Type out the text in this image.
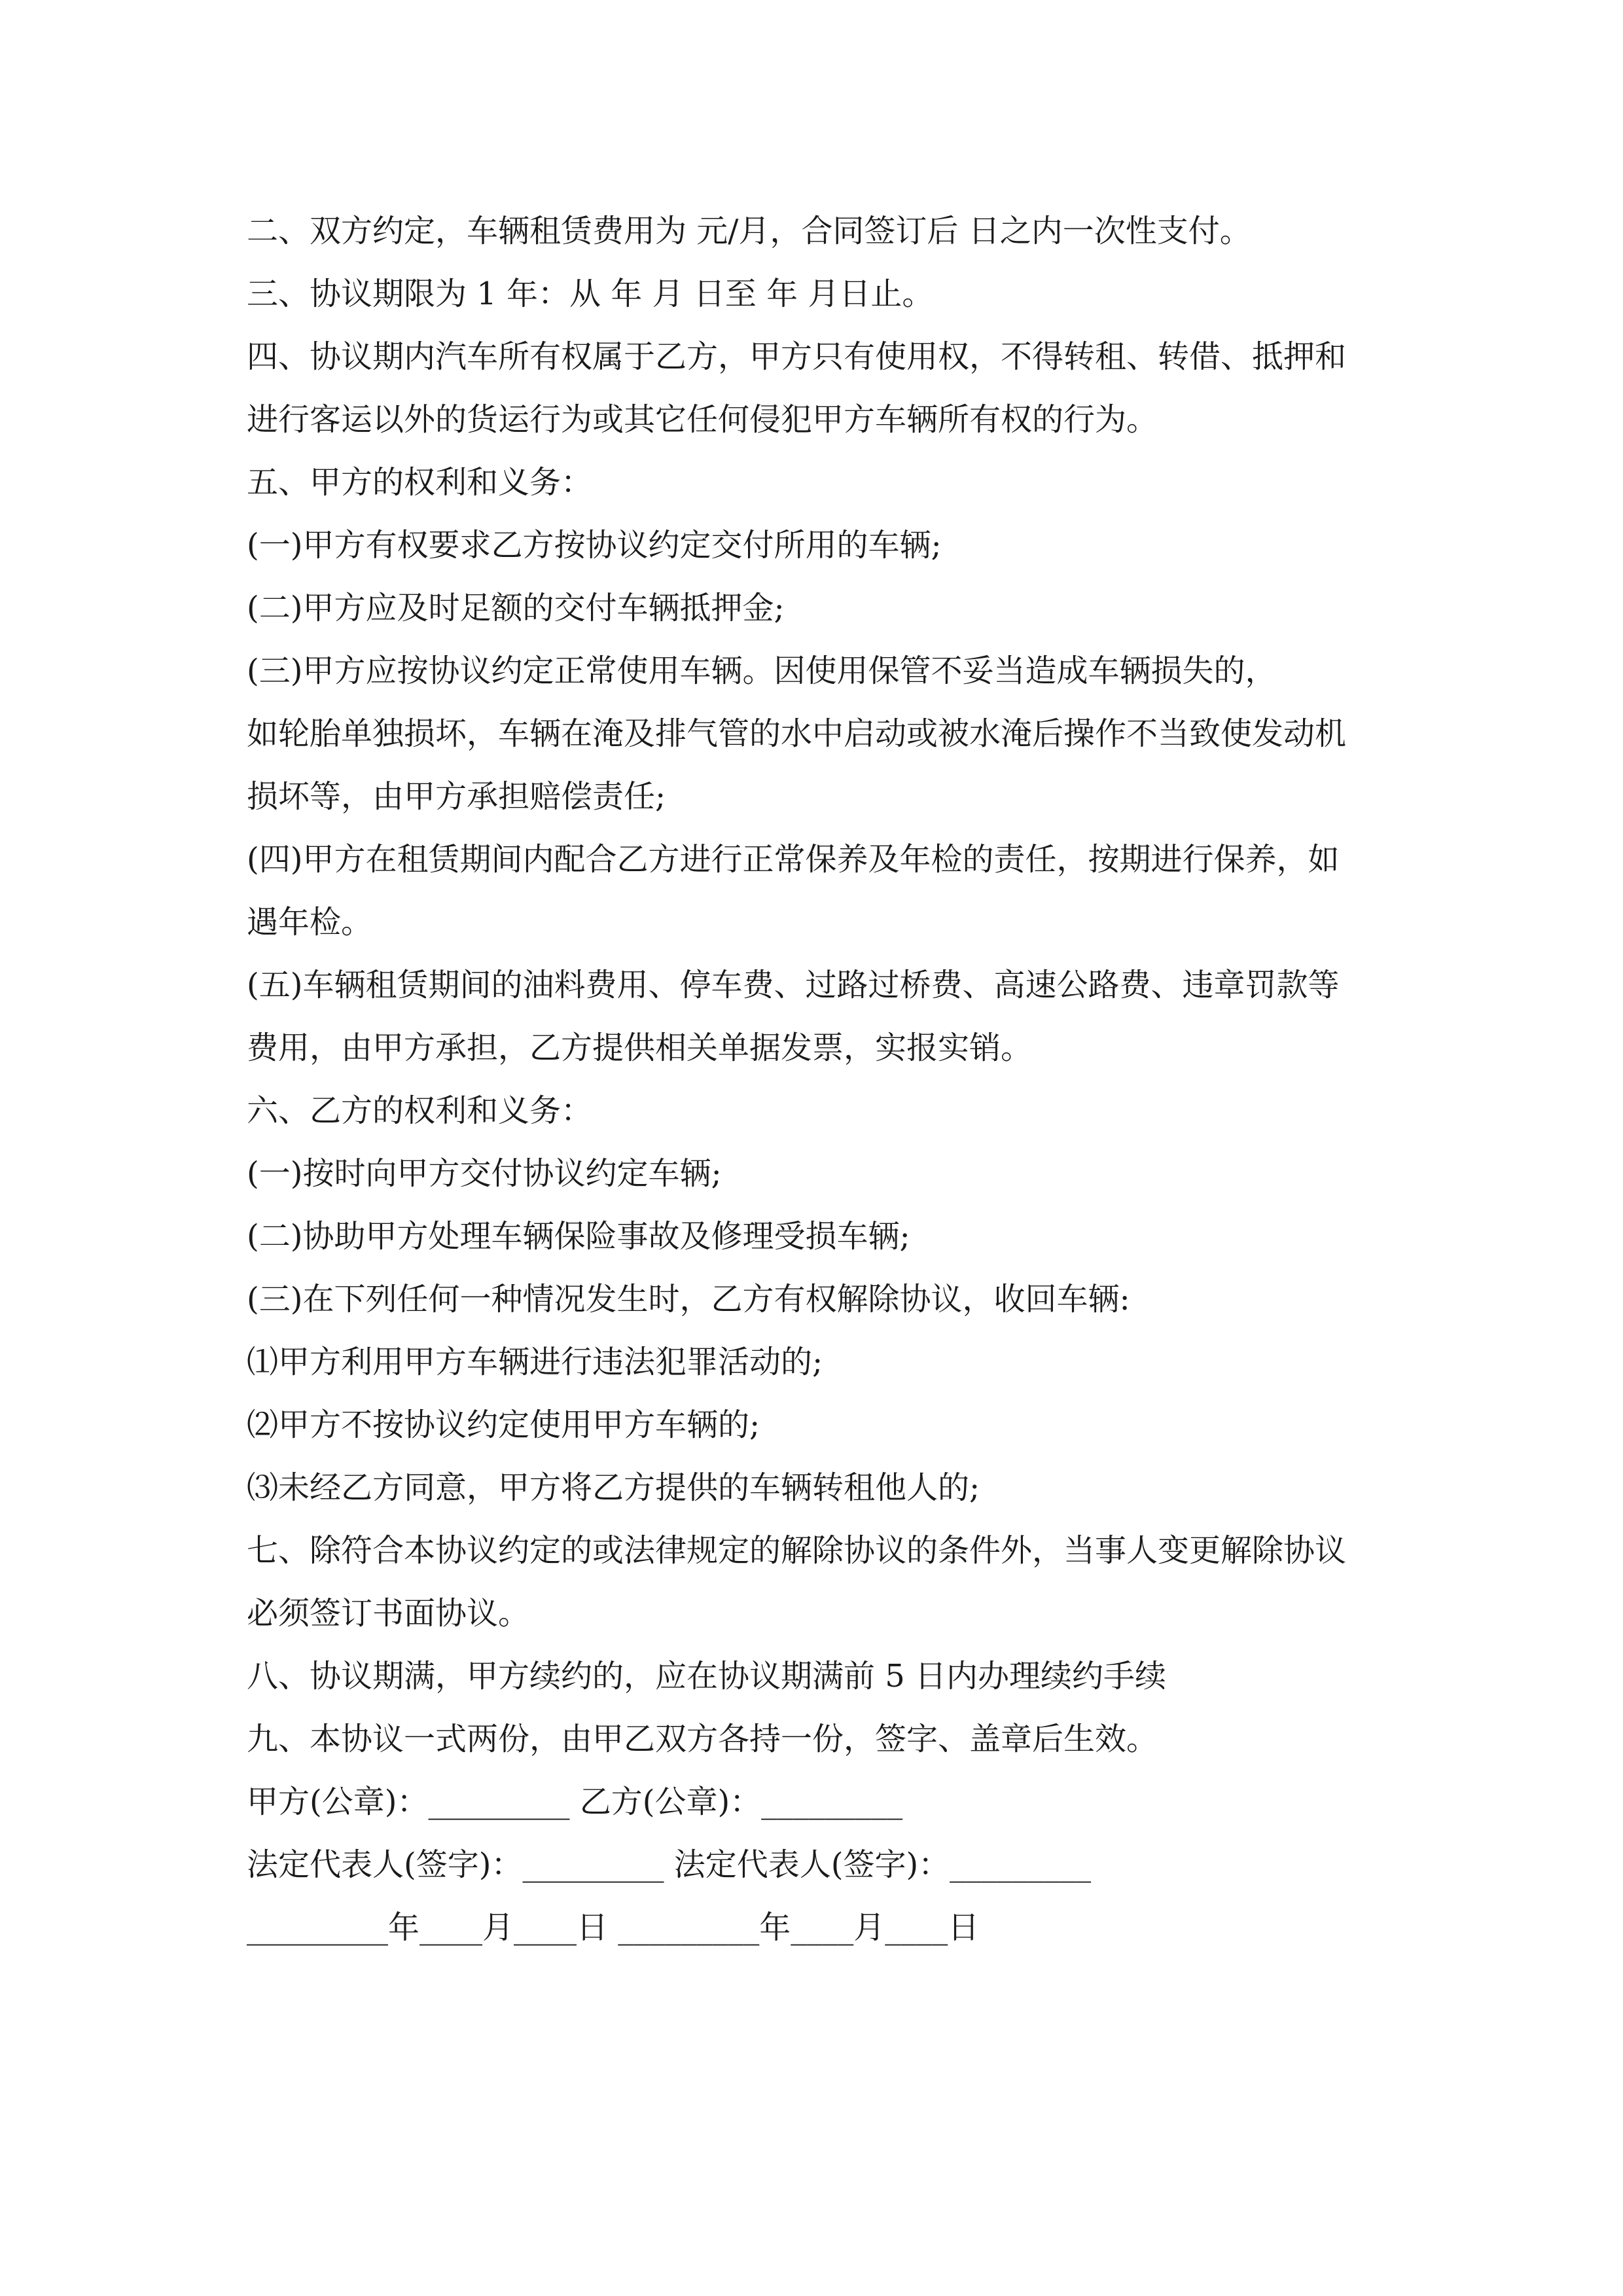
二、双方约定，车辆租赁费用为 元/月，合同签订后 日之内一次性支付。

三、协议期限为 1 年：从 年 月 日至 年 月日止。

四、协议期内汽车所有权属于乙方，甲方只有使用权，不得转租、转借、抵押和

进行客运以外的货运行为或其它任何侵犯甲方车辆所有权的行为。

五、甲方的权利和义务：

(一)甲方有权要求乙方按协议约定交付所用的车辆;

(二)甲方应及时足额的交付车辆抵押金;

(三)甲方应按协议约定正常使用车辆。因使用保管不妥当造成车辆损失的，

如轮胎单独损坏，车辆在淹及排气管的水中启动或被水淹后操作不当致使发动机

损坏等，由甲方承担赔偿责任;

(四)甲方在租赁期间内配合乙方进行正常保养及年检的责任，按期进行保养，如

遇年检。

(五)车辆租赁期间的油料费用、停车费、过路过桥费、高速公路费、违章罚款等

费用，由甲方承担，乙方提供相关单据发票，实报实销。

六、乙方的权利和义务：

(一)按时向甲方交付协议约定车辆;

(二)协助甲方处理车辆保险事故及修理受损车辆;

(三)在下列任何一种情况发生时，乙方有权解除协议，收回车辆:

⑴甲方利用甲方车辆进行违法犯罪活动的;

⑵甲方不按协议约定使用甲方车辆的;

⑶未经乙方同意，甲方将乙方提供的车辆转租他人的;

七、除符合本协议约定的或法律规定的解除协议的条件外，当事人变更解除协议

必须签订书面协议。

八、协议期满，甲方续约的，应在协议期满前 5 日内办理续约手续

九、本协议一式两份，由甲乙双方各持一份，签字、盖章后生效。

甲方(公章)：_________ 乙方(公章)：_________

法定代表人(签字)：_________ 法定代表人(签字)：_________

_________年____月____日 _________年____月____日
